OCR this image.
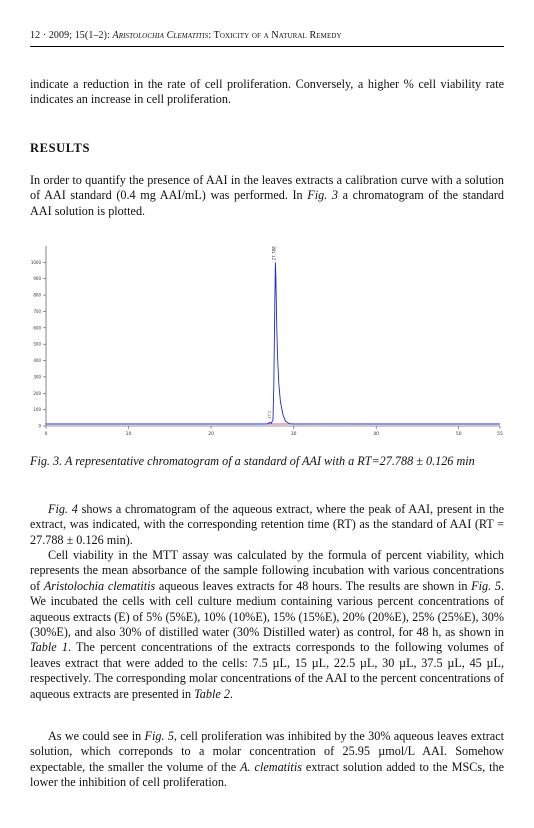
12 · 2009; 15(1–2): Aristolochia Clematitis: Toxicity of a Natural Remedy

indicate a reduction in the rate of cell proliferation. Conversely, a higher % cell viability rate indicates an increase in cell proliferation.

RESULTS

In order to quantify the presence of AAI in the leaves extracts a calibration curve with a solution of AAI standard (0.4 mg AAI/mL) was performed. In Fig. 3 a chromatogram of the standard AAI solution is plotted.

0
100
200
300
400
500
600
700
800
900
1000
0	10	20	30	40	50	55
27.788
27.2

Fig. 3. A representative chromatogram of a standard of AAI with a RT=27.788 ± 0.126 min

Fig. 4 shows a chromatogram of the aqueous extract, where the peak of AAI, present in the extract, was indicated, with the corresponding retention time (RT) as the standard of AAI (RT = 27.788 ± 0.126 min).

Cell viability in the MTT assay was calculated by the formula of percent viability, which represents the mean absorbance of the sample following incubation with various concentrations of Aristolochia clematitis aqueous leaves extracts for 48 hours. The results are shown in Fig. 5. We incubated the cells with cell culture medium containing various percent concentrations of aqueous extracts (E) of 5% (5%E), 10% (10%E), 15% (15%E), 20% (20%E), 25% (25%E), 30% (30%E), and also 30% of distilled water (30% Distilled water) as control, for 48 h, as shown in Table 1. The percent concentrations of the extracts corresponds to the following volumes of leaves extract that were added to the cells: 7.5 µL, 15 µL, 22.5 µL, 30 µL, 37.5 µL, 45 µL, respectively. The corresponding molar concentrations of the AAI to the percent concentrations of aqueous extracts are presented in Table 2.

As we could see in Fig. 5, cell proliferation was inhibited by the 30% aqueous leaves extract solution, which correponds to a molar concentration of 25.95 µmol/L AAI. Somehow expectable, the smaller the volume of the A. clematitis extract solution added to the MSCs, the lower the inhibition of cell proliferation.
